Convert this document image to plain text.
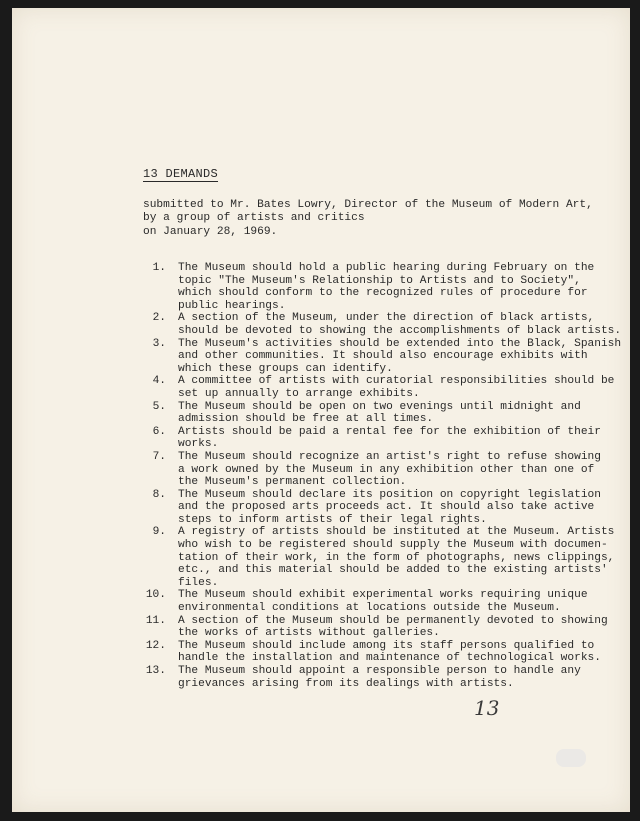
13 DEMANDS
submitted to Mr. Bates Lowry, Director of the Museum of Modern Art,
by a group of artists and critics
on January 28, 1969.
1. The Museum should hold a public hearing during February on the
topic "The Museum's Relationship to Artists and to Society",
which should conform to the recognized rules of procedure for
public hearings.
2. A section of the Museum, under the direction of black artists,
should be devoted to showing the accomplishments of black artists.
3. The Museum's activities should be extended into the Black, Spanish
and other communities. It should also encourage exhibits with
which these groups can identify.
4. A committee of artists with curatorial responsibilities should be
set up annually to arrange exhibits.
5. The Museum should be open on two evenings until midnight and
admission should be free at all times.
6. Artists should be paid a rental fee for the exhibition of their
works.
7. The Museum should recognize an artist's right to refuse showing
a work owned by the Museum in any exhibition other than one of
the Museum's permanent collection.
8. The Museum should declare its position on copyright legislation
and the proposed arts proceeds act. It should also take active
steps to inform artists of their legal rights.
9. A registry of artists should be instituted at the Museum. Artists
who wish to be registered should supply the Museum with documen-
tation of their work, in the form of photographs, news clippings,
etc., and this material should be added to the existing artists'
files.
10. The Museum should exhibit experimental works requiring unique
environmental conditions at locations outside the Museum.
11. A section of the Museum should be permanently devoted to showing
the works of artists without galleries.
12. The Museum should include among its staff persons qualified to
handle the installation and maintenance of technological works.
13. The Museum should appoint a responsible person to handle any
grievances arising from its dealings with artists.
13
